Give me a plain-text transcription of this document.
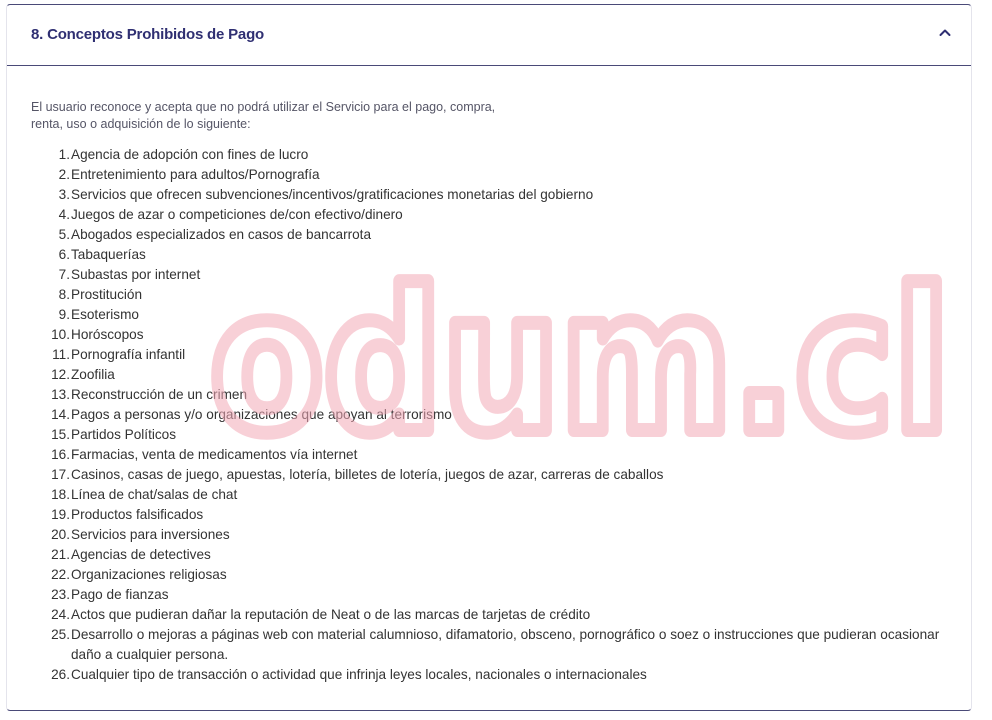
8. Conceptos Prohibidos de Pago
El usuario reconoce y acepta que no podrá utilizar el Servicio para el pago, compra,
renta, uso o adquisición de lo siguiente:
1. Agencia de adopción con fines de lucro
2. Entretenimiento para adultos/Pornografía
3. Servicios que ofrecen subvenciones/incentivos/gratificaciones monetarias del gobierno
4. Juegos de azar o competiciones de/con efectivo/dinero
5. Abogados especializados en casos de bancarrota
6. Tabaquerías
7. Subastas por internet
8. Prostitución
9. Esoterismo
10. Horóscopos
11. Pornografía infantil
12. Zoofilia
13. Reconstrucción de un crimen
14. Pagos a personas y/o organizaciones que apoyan al terrorismo
15. Partidos Políticos
16. Farmacias, venta de medicamentos vía internet
17. Casinos, casas de juego, apuestas, lotería, billetes de lotería, juegos de azar, carreras de caballos
18. Línea de chat/salas de chat
19. Productos falsificados
20. Servicios para inversiones
21. Agencias de detectives
22. Organizaciones religiosas
23. Pago de fianzas
24. Actos que pudieran dañar la reputación de Neat o de las marcas de tarjetas de crédito
25. Desarrollo o mejoras a páginas web con material calumnioso, difamatorio, obsceno, pornográfico o soez o instrucciones que pudieran ocasionar daño a cualquier persona.
26. Cualquier tipo de transacción o actividad que infrinja leyes locales, nacionales o internacionales
odum.cl
